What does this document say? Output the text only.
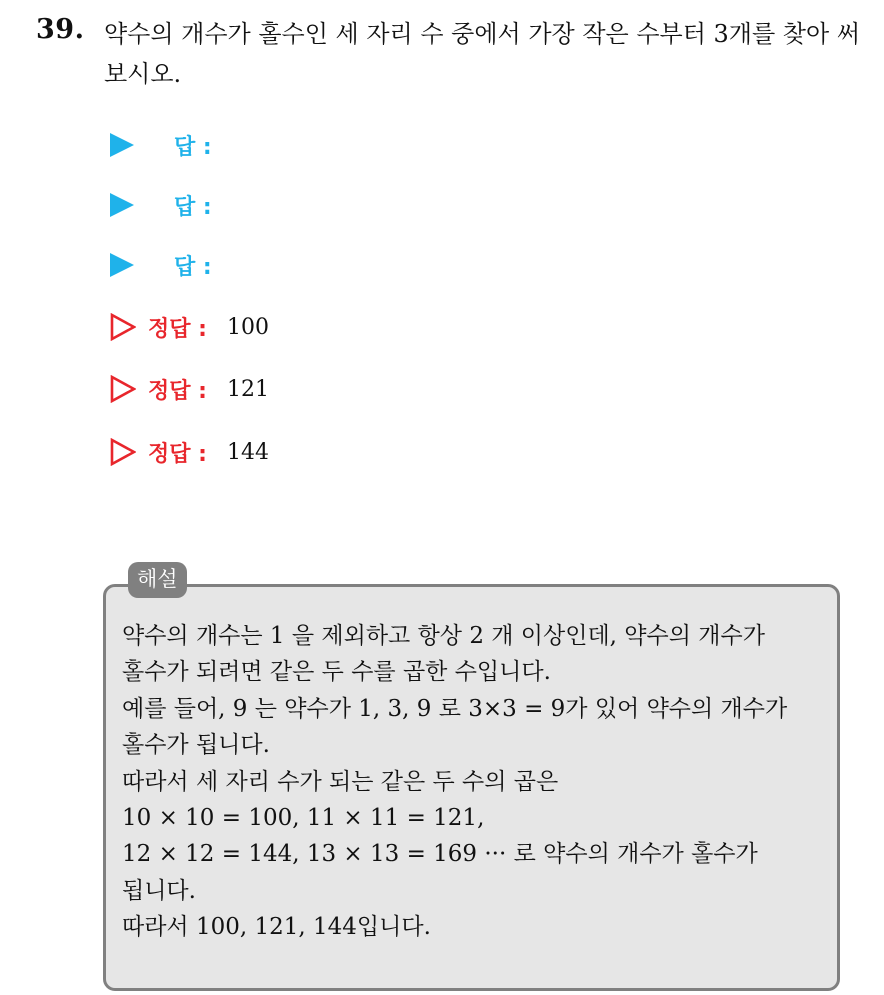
39. 약수의 개수가 홀수인 세 자리 수 중에서 가장 작은 수부터 3개를 찾아 써 보시오.
답 :
답 :
답 :
정답 : 100
정답 : 121
정답 : 144
해설
약수의 개수는 1 을 제외하고 항상 2 개 이상인데, 약수의 개수가
홀수가 되려면 같은 두 수를 곱한 수입니다.
예를 들어, 9 는 약수가 1, 3, 9 로 3×3 = 9가 있어 약수의 개수가
홀수가 됩니다.
따라서 세 자리 수가 되는 같은 두 수의 곱은
10 × 10 = 100, 11 × 11 = 121,
12 × 12 = 144, 13 × 13 = 169 ··· 로 약수의 개수가 홀수가
됩니다.
따라서 100, 121, 144입니다.
